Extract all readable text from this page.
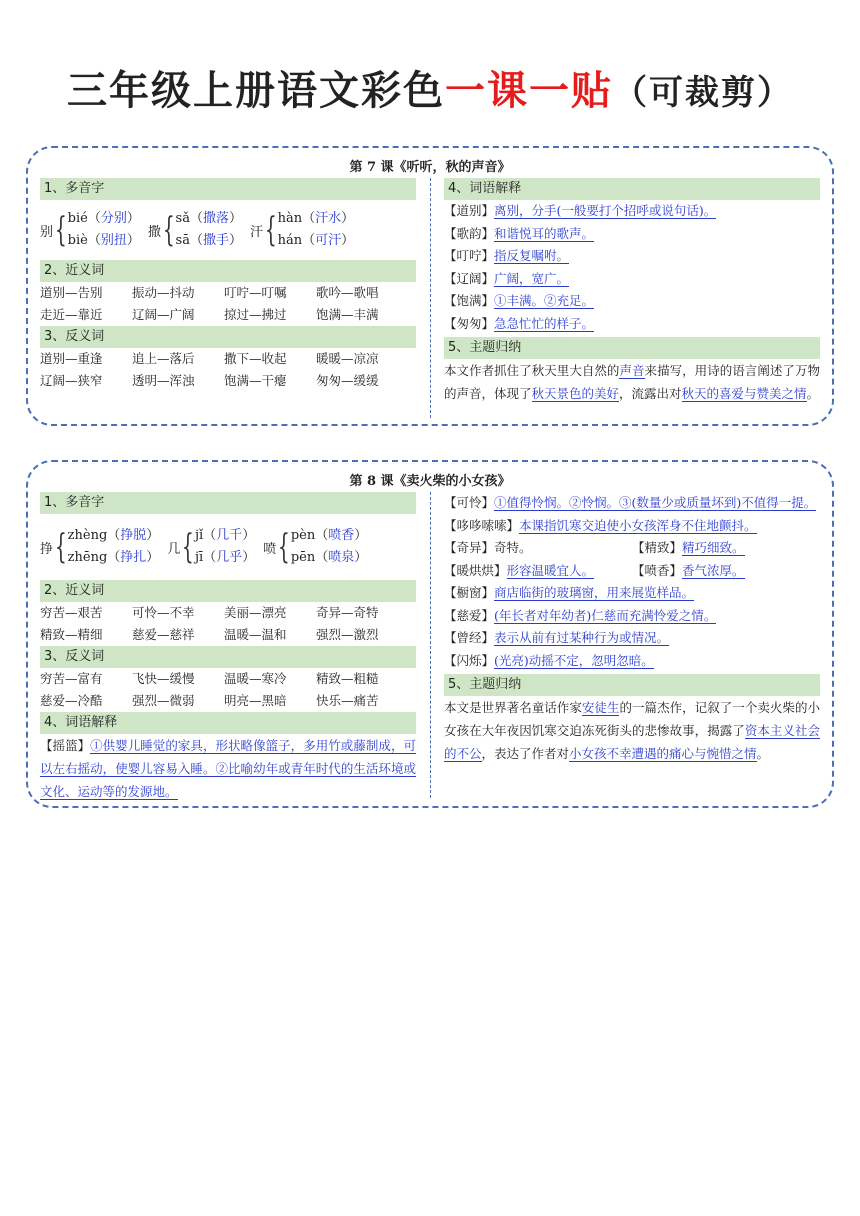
三年级上册语文彩色一课一贴（可裁剪）
第 7 课《听听，秋的声音》
1、多音字
别 { bié（分别）
biè（别扭）
撒 { sǎ（撒落）
sā（撒手）
汗 { hàn（汗水）
hán（可汗）
2、近义词
道别—告别 振动—抖动 叮咛—叮嘱 歌吟—歌唱
走近—靠近 辽阔—广阔 掠过—拂过 饱满—丰满
3、反义词
道别—重逢 追上—落后 撒下—收起 暖暖—凉凉
辽阔—狭窄 透明—浑浊 饱满—干瘪 匆匆—缓缓
4、词语解释
【道别】离别，分手(一般要打个招呼或说句话)。
【歌韵】和谐悦耳的歌声。
【叮咛】指反复嘱咐。
【辽阔】广阔，宽广。
【饱满】①丰满。②充足。
【匆匆】急急忙忙的样子。
5、主题归纳
本文作者抓住了秋天里大自然的声音来描写，用诗的语言阐述了万物的声音，体现了秋天景色的美好，流露出对秋天的喜爱与赞美之情。
第 8 课《卖火柴的小女孩》
1、多音字
挣 { zhèng（挣脱）
zhēng（挣扎）
几 { jǐ（几千）
jī（几乎）
喷 { pèn（喷香）
pēn（喷泉）
2、近义词
穷苦—艰苦 可怜—不幸 美丽—漂亮 奇异—奇特
精致—精细 慈爱—慈祥 温暖—温和 强烈—激烈
3、反义词
穷苦—富有 飞快—缓慢 温暖—寒冷 精致—粗糙
慈爱—冷酷 强烈—微弱 明亮—黑暗 快乐—痛苦
4、词语解释
【摇篮】①供婴儿睡觉的家具，形状略像篮子，多用竹或藤制成，可以左右摇动，使婴儿容易入睡。②比喻幼年或青年时代的生活环境或文化、运动等的发源地。
【可怜】①值得怜悯。②怜悯。③(数量少或质量坏到)不值得一提。
【哆哆嗦嗦】本课指饥寒交迫使小女孩浑身不住地颤抖。
【奇异】奇特。	【精致】精巧细致。
【暖烘烘】形容温暖宜人。	【喷香】香气浓厚。
【橱窗】商店临街的玻璃窗，用来展览样品。
【慈爱】(年长者对年幼者)仁慈而充满怜爱之情。
【曾经】表示从前有过某种行为或情况。
【闪烁】(光亮)动摇不定，忽明忽暗。
5、主题归纳
本文是世界著名童话作家安徒生的一篇杰作，记叙了一个卖火柴的小女孩在大年夜因饥寒交迫冻死街头的悲惨故事，揭露了资本主义社会的不公，表达了作者对小女孩不幸遭遇的痛心与惋惜之情。
